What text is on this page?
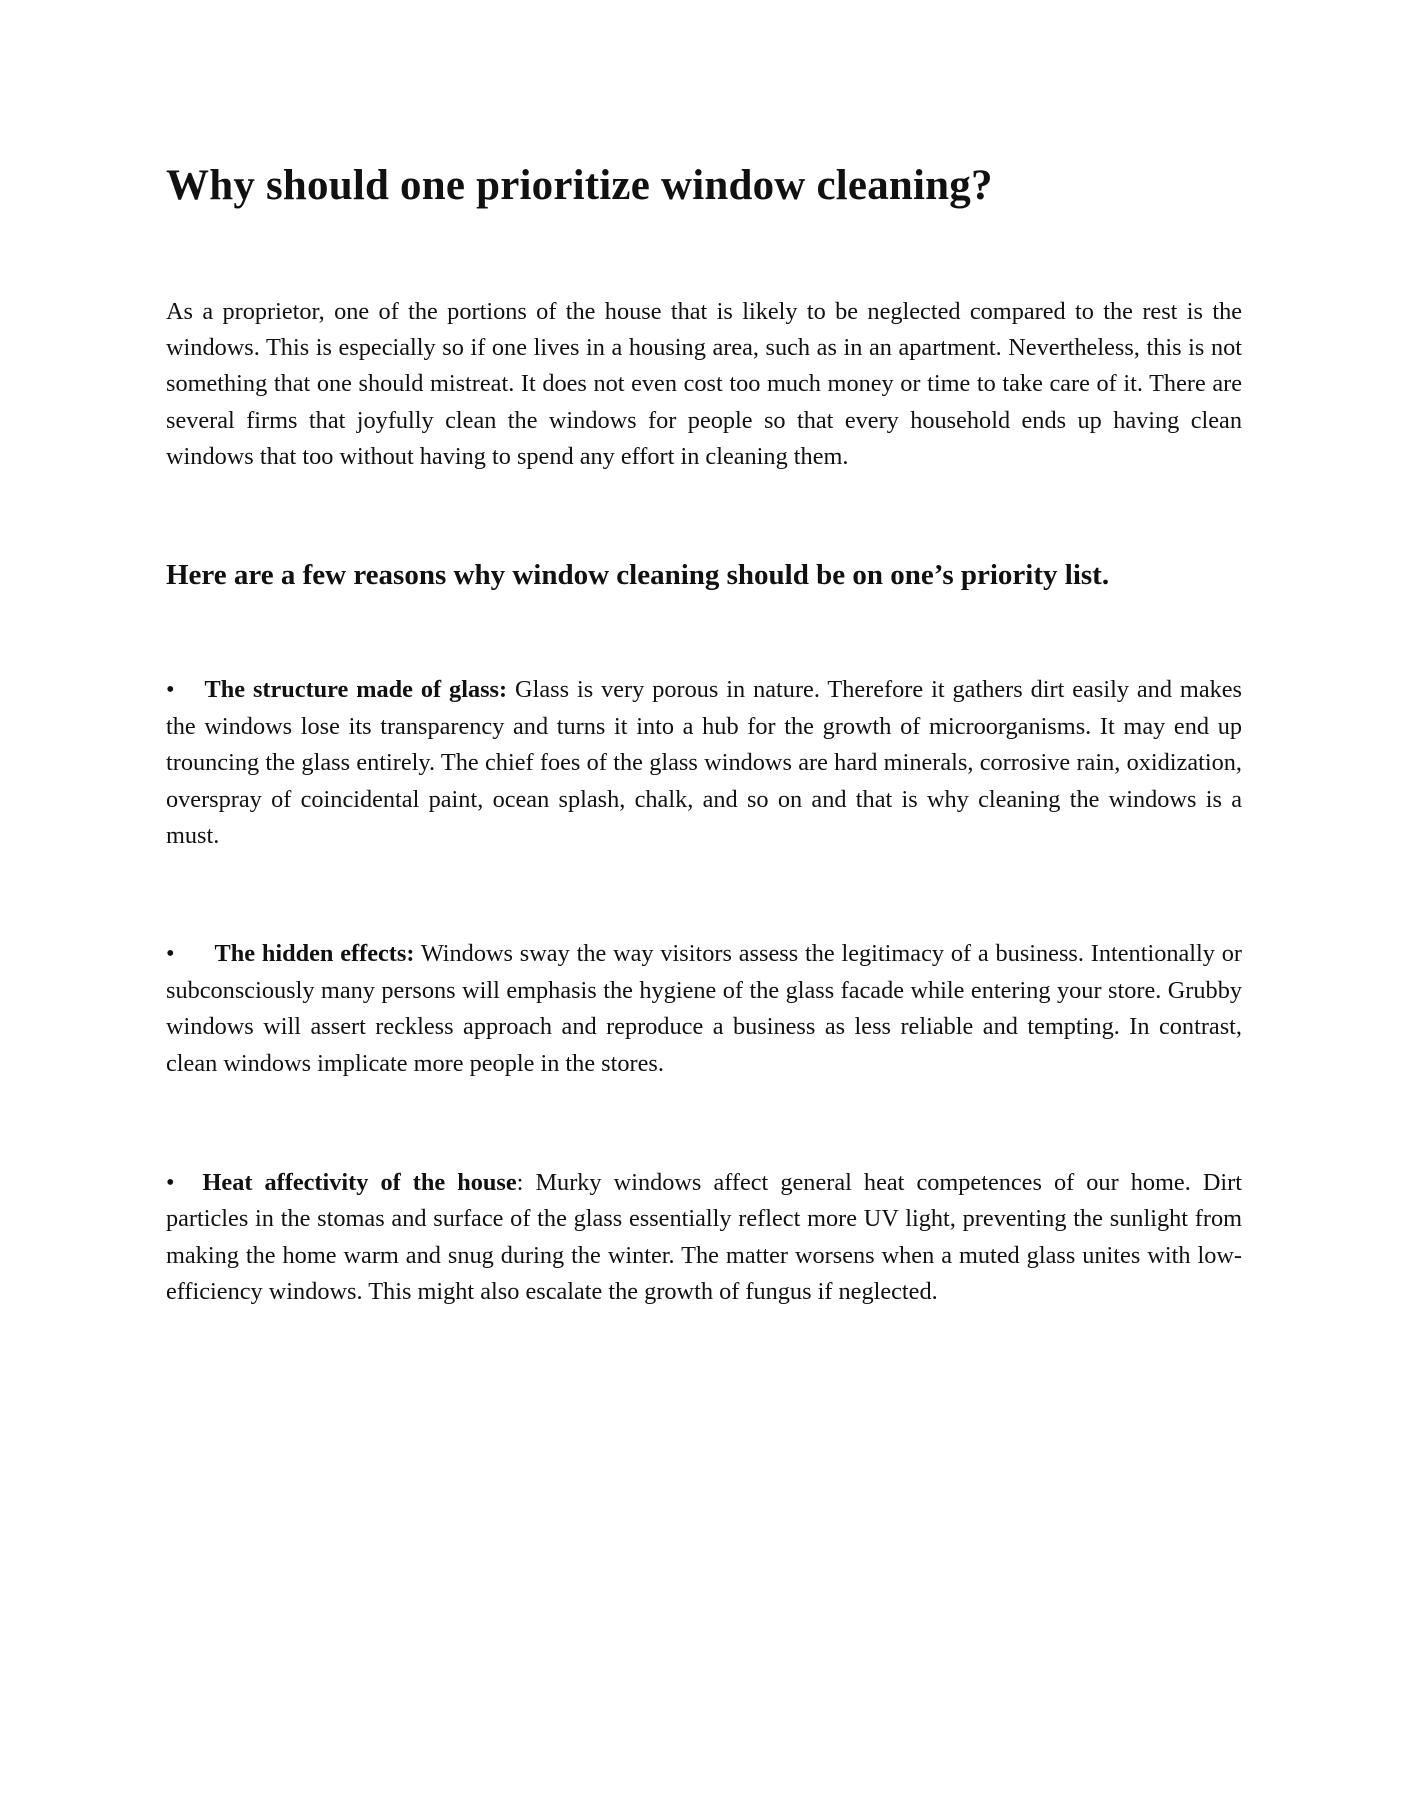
Why should one prioritize window cleaning?

As a proprietor, one of the portions of the house that is likely to be neglected compared to the rest is the windows. This is especially so if one lives in a housing area, such as in an apartment. Nevertheless, this is not something that one should mistreat. It does not even cost too much money or time to take care of it. There are several firms that joyfully clean the windows for people so that every household ends up having clean windows that too without having to spend any effort in cleaning them.

Here are a few reasons why window cleaning should be on one’s priority list.

• The structure made of glass: Glass is very porous in nature. Therefore it gathers dirt easily and makes the windows lose its transparency and turns it into a hub for the growth of microorganisms. It may end up trouncing the glass entirely. The chief foes of the glass windows are hard minerals, corrosive rain, oxidization, overspray of coincidental paint, ocean splash, chalk, and so on and that is why cleaning the windows is a must.

• The hidden effects: Windows sway the way visitors assess the legitimacy of a business. Intentionally or subconsciously many persons will emphasis the hygiene of the glass facade while entering your store. Grubby windows will assert reckless approach and reproduce a business as less reliable and tempting. In contrast, clean windows implicate more people in the stores.

• Heat affectivity of the house: Murky windows affect general heat competences of our home. Dirt particles in the stomas and surface of the glass essentially reflect more UV light, preventing the sunlight from making the home warm and snug during the winter. The matter worsens when a muted glass unites with low-efficiency windows. This might also escalate the growth of fungus if neglected.
